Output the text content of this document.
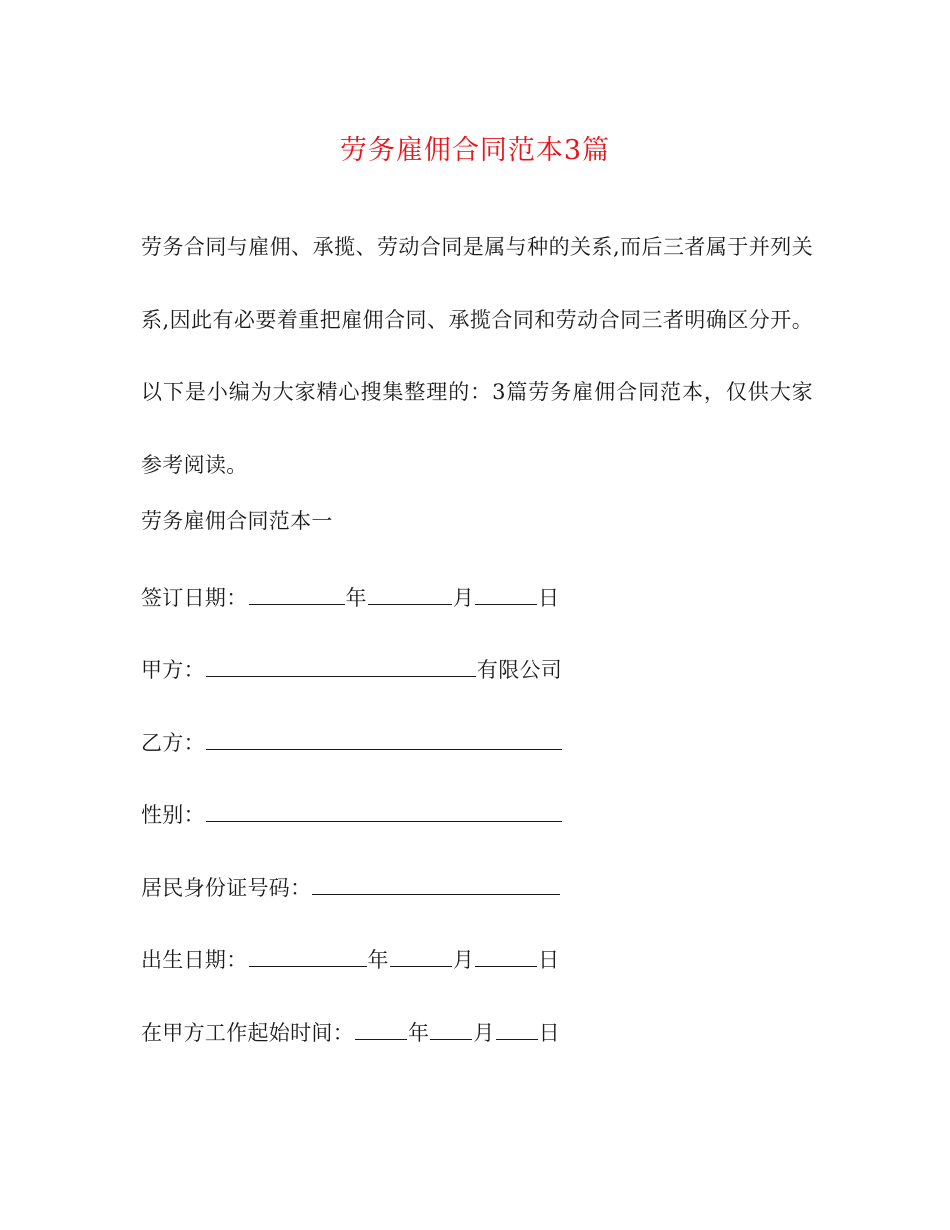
劳务雇佣合同范本3篇

劳务合同与雇佣、承揽、劳动合同是属与种的关系,而后三者属于并列关系,因此有必要着重把雇佣合同、承揽合同和劳动合同三者明确区分开。以下是小编为大家精心搜集整理的：3篇劳务雇佣合同范本，仅供大家参考阅读。

劳务雇佣合同范本一

签订日期：	年	月	日

甲方：	有限公司

乙方：

性别：

居民身份证号码：

出生日期：	年	月	日

在甲方工作起始时间：	年 月 日
